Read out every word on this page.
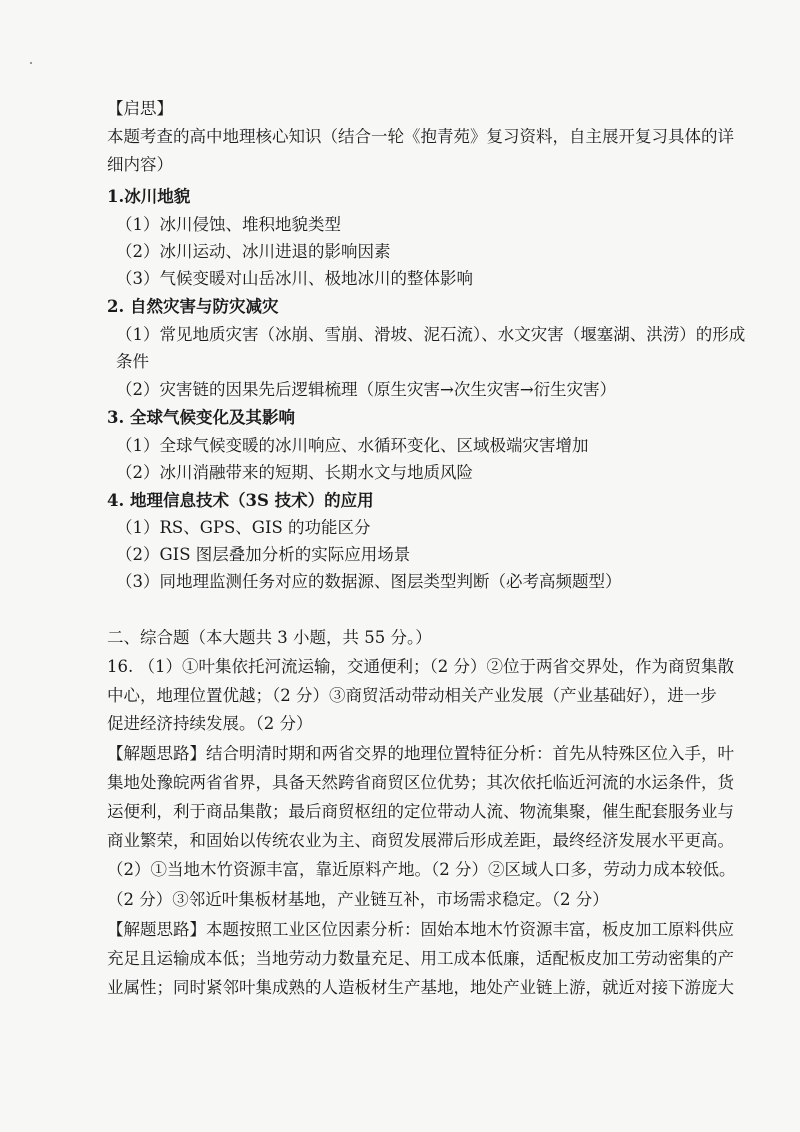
【启思】
本题考查的高中地理核心知识（结合一轮《抱青苑》复习资料，自主展开复习具体的详
细内容）
1.冰川地貌
（1）冰川侵蚀、堆积地貌类型
（2）冰川运动、冰川进退的影响因素
（3）气候变暖对山岳冰川、极地冰川的整体影响
2. 自然灾害与防灾减灾
（1）常见地质灾害（冰崩、雪崩、滑坡、泥石流）、水文灾害（堰塞湖、洪涝）的形成
条件
（2）灾害链的因果先后逻辑梳理（原生灾害→次生灾害→衍生灾害）
3. 全球气候变化及其影响
（1）全球气候变暖的冰川响应、水循环变化、区域极端灾害增加
（2）冰川消融带来的短期、长期水文与地质风险
4. 地理信息技术（3S 技术）的应用
（1）RS、GPS、GIS 的功能区分
（2）GIS 图层叠加分析的实际应用场景
（3）同地理监测任务对应的数据源、图层类型判断（必考高频题型）
二、综合题（本大题共 3 小题，共 55 分。）
16. （1）①叶集依托河流运输，交通便利；（2 分）②位于两省交界处，作为商贸集散
中心，地理位置优越；（2 分）③商贸活动带动相关产业发展（产业基础好），进一步
促进经济持续发展。（2 分）
【解题思路】结合明清时期和两省交界的地理位置特征分析：首先从特殊区位入手，叶
集地处豫皖两省省界，具备天然跨省商贸区位优势；其次依托临近河流的水运条件，货
运便利，利于商品集散；最后商贸枢纽的定位带动人流、物流集聚，催生配套服务业与
商业繁荣，和固始以传统农业为主、商贸发展滞后形成差距，最终经济发展水平更高。
（2）①当地木竹资源丰富，靠近原料产地。（2 分）②区域人口多，劳动力成本较低。
（2 分）③邻近叶集板材基地，产业链互补，市场需求稳定。（2 分）
【解题思路】本题按照工业区位因素分析：固始本地木竹资源丰富，板皮加工原料供应
充足且运输成本低；当地劳动力数量充足、用工成本低廉，适配板皮加工劳动密集的产
业属性；同时紧邻叶集成熟的人造板材生产基地，地处产业链上游，就近对接下游庞大
